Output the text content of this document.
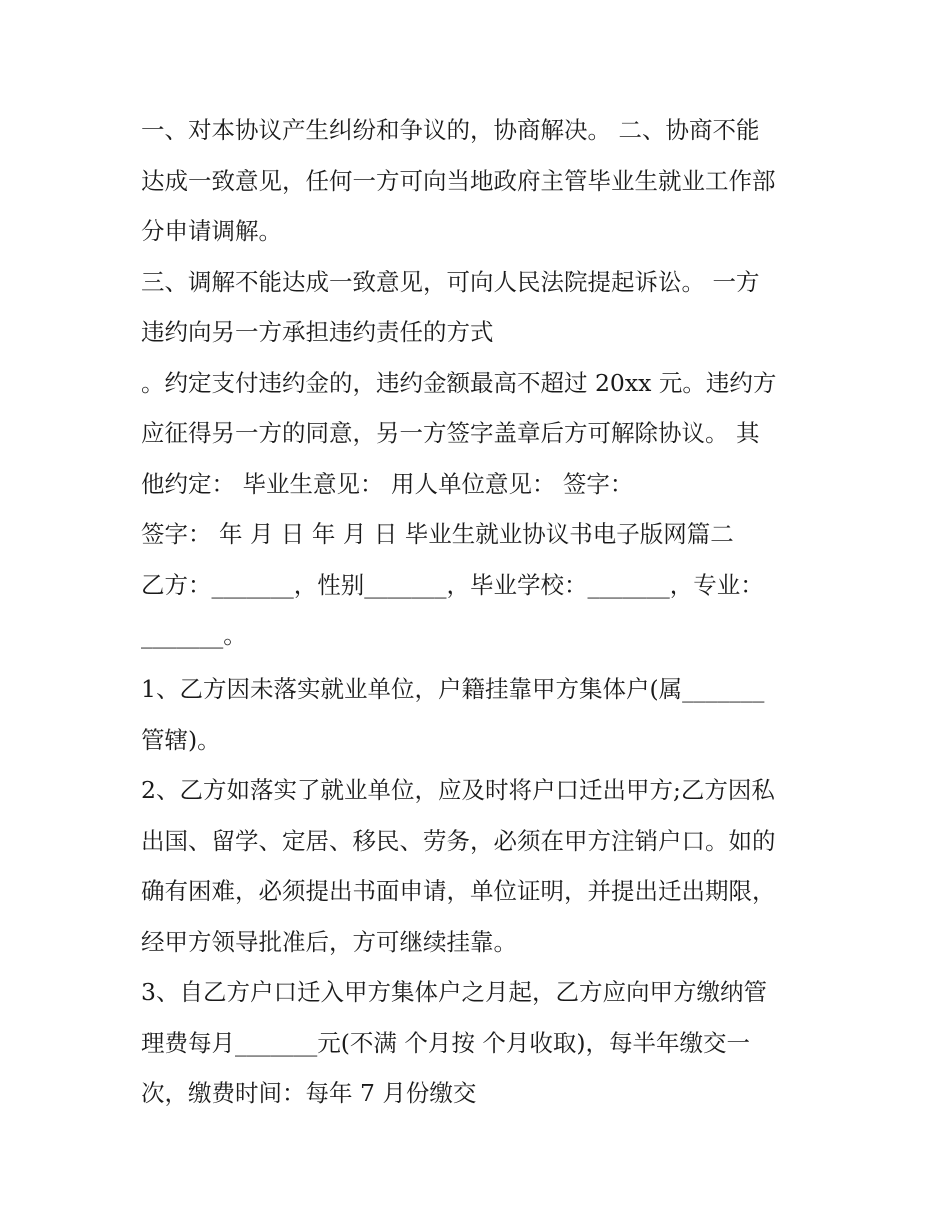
一、对本协议产生纠纷和争议的，协商解决。 二、协商不能
达成一致意见，任何一方可向当地政府主管毕业生就业工作部
分申请调解。
三、调解不能达成一致意见，可向人民法院提起诉讼。 一方
违约向另一方承担违约责任的方式
。约定支付违约金的，违约金额最高不超过 20xx 元。违约方
应征得另一方的同意，另一方签字盖章后方可解除协议。 其
他约定： 毕业生意见： 用人单位意见： 签字：
签字： 年 月 日 年 月 日 毕业生就业协议书电子版网篇二
乙方：_______，性别_______，毕业学校：_______，专业：
_______。
1、乙方因未落实就业单位，户籍挂靠甲方集体户(属_______
管辖)。
2、乙方如落实了就业单位，应及时将户口迁出甲方;乙方因私
出国、留学、定居、移民、劳务，必须在甲方注销户口。如的
确有困难，必须提出书面申请，单位证明，并提出迁出期限，
经甲方领导批准后，方可继续挂靠。
3、自乙方户口迁入甲方集体户之月起，乙方应向甲方缴纳管
理费每月_______元(不满 个月按 个月收取)，每半年缴交一
次，缴费时间：每年 7 月份缴交
